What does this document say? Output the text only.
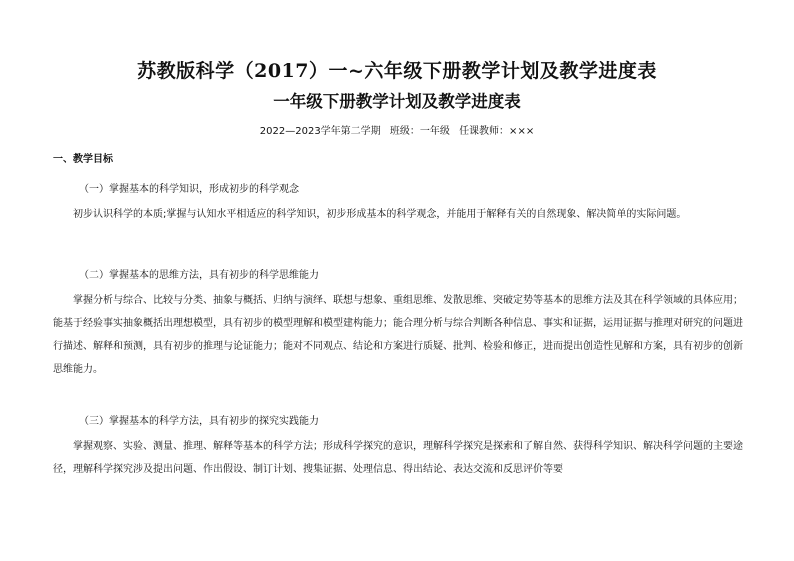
苏教版科学（2017）一~六年级下册教学计划及教学进度表
一年级下册教学计划及教学进度表
2022—2023学年第二学期 班级：一年级 任课教师：×××
一、教学目标
（一）掌握基本的科学知识，形成初步的科学观念
初步认识科学的本质;掌握与认知水平相适应的科学知识，初步形成基本的科学观念，并能用于解释有关的自然现象、解决简单的实际问题。
（二）掌握基本的思维方法，具有初步的科学思维能力
掌握分析与综合、比较与分类、抽象与概括、归纳与演绎、联想与想象、重组思维、发散思维、突破定势等基本的思维方法及其在科学领域的具体应用；能基于经验事实抽象概括出理想模型，具有初步的模型理解和模型建构能力；能合理分析与综合判断各种信息、事实和证据，运用证据与推理对研究的问题进行描述、解释和预测，具有初步的推理与论证能力；能对不同观点、结论和方案进行质疑、批判、检验和修正，进而提出创造性见解和方案，具有初步的创新思维能力。
（三）掌握基本的科学方法，具有初步的探究实践能力
掌握观察、实验、测量、推理、解释等基本的科学方法；形成科学探究的意识，理解科学探究是探索和了解自然、获得科学知识、解决科学问题的主要途径，理解科学探究涉及提出问题、作出假设、制订计划、搜集证据、处理信息、得出结论、表达交流和反思评价等要
